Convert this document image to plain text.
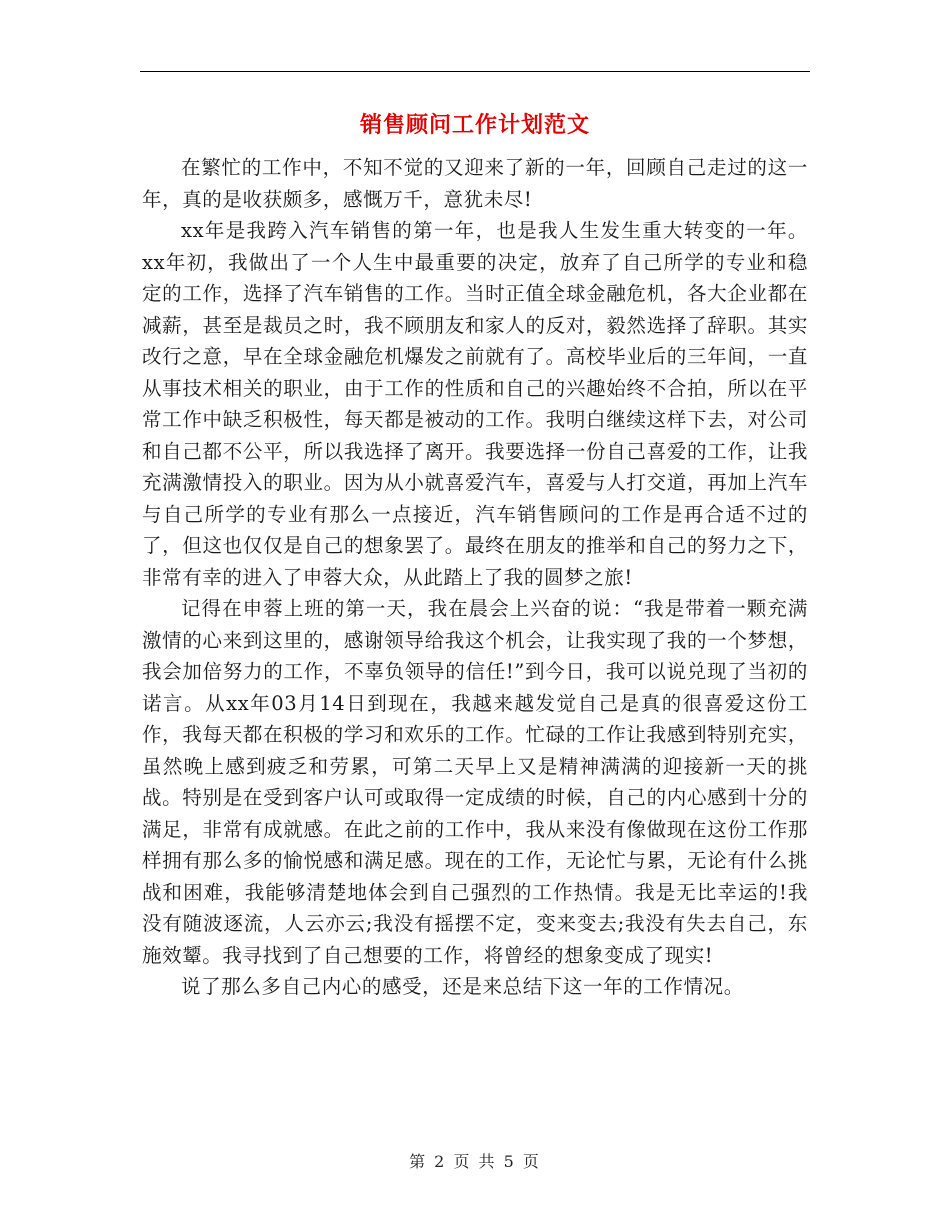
销售顾问工作计划范文

在繁忙的工作中，不知不觉的又迎来了新的一年，回顾自己走过的这一年，真的是收获颇多，感慨万千，意犹未尽!

xx年是我跨入汽车销售的第一年，也是我人生发生重大转变的一年。xx年初，我做出了一个人生中最重要的决定，放弃了自己所学的专业和稳定的工作，选择了汽车销售的工作。当时正值全球金融危机，各大企业都在减薪，甚至是裁员之时，我不顾朋友和家人的反对，毅然选择了辞职。其实改行之意，早在全球金融危机爆发之前就有了。高校毕业后的三年间，一直从事技术相关的职业，由于工作的性质和自己的兴趣始终不合拍，所以在平常工作中缺乏积极性，每天都是被动的工作。我明白继续这样下去，对公司和自己都不公平，所以我选择了离开。我要选择一份自己喜爱的工作，让我充满激情投入的职业。因为从小就喜爱汽车，喜爱与人打交道，再加上汽车与自己所学的专业有那么一点接近，汽车销售顾问的工作是再合适不过的了，但这也仅仅是自己的想象罢了。最终在朋友的推举和自己的努力之下，非常有幸的进入了申蓉大众，从此踏上了我的圆梦之旅!

记得在申蓉上班的第一天，我在晨会上兴奋的说：“我是带着一颗充满激情的心来到这里的，感谢领导给我这个机会，让我实现了我的一个梦想，我会加倍努力的工作，不辜负领导的信任!”到今日，我可以说兑现了当初的诺言。从xx年03月14日到现在，我越来越发觉自己是真的很喜爱这份工作，我每天都在积极的学习和欢乐的工作。忙碌的工作让我感到特别充实，虽然晚上感到疲乏和劳累，可第二天早上又是精神满满的迎接新一天的挑战。特别是在受到客户认可或取得一定成绩的时候，自己的内心感到十分的满足，非常有成就感。在此之前的工作中，我从来没有像做现在这份工作那样拥有那么多的愉悦感和满足感。现在的工作，无论忙与累，无论有什么挑战和困难，我能够清楚地体会到自己强烈的工作热情。我是无比幸运的!我没有随波逐流，人云亦云;我没有摇摆不定，变来变去;我没有失去自己，东施效颦。我寻找到了自己想要的工作，将曾经的想象变成了现实!

说了那么多自己内心的感受，还是来总结下这一年的工作情况。

第 2 页 共 5 页
